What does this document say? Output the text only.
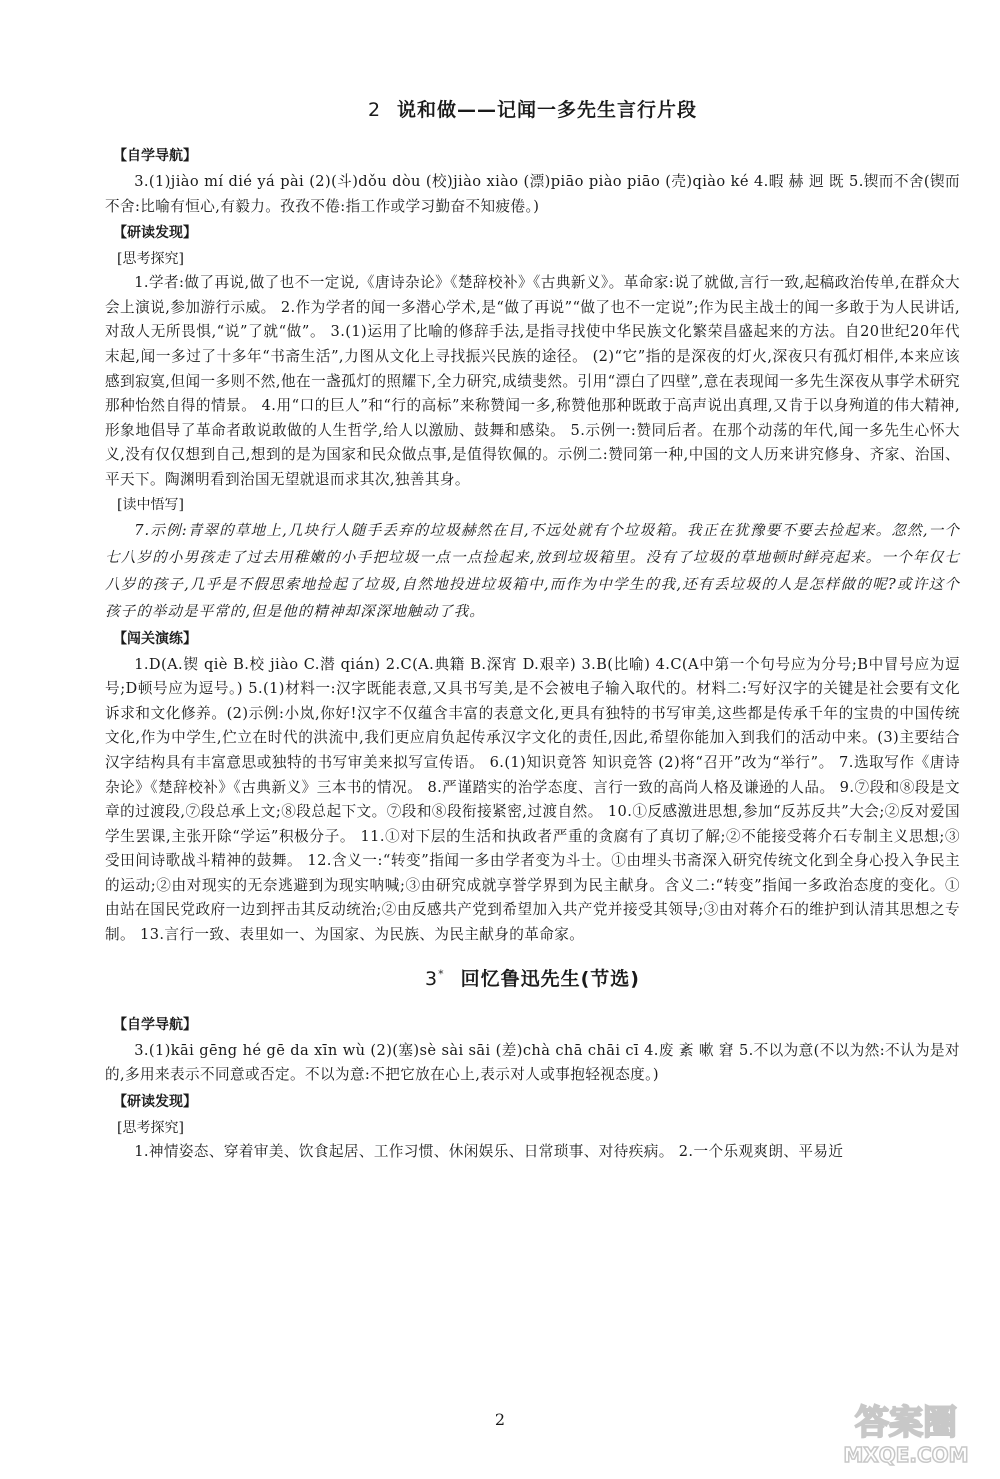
2 说和做——记闻一多先生言行片段
【自学导航】

3.(1)jiào mí dié yá pài (2)(斗)dǒu dòu (校)jiào xiào (漂)piāo piào piāo (壳)qiào ké 4.暇 赫 迥 既 5.锲而不舍(锲而不舍:比喻有恒心,有毅力。孜孜不倦:指工作或学习勤奋不知疲倦。)

【研读发现】
[思考探究]

1.学者:做了再说,做了也不一定说,《唐诗杂论》《楚辞校补》《古典新义》。革命家:说了就做,言行一致,起稿政治传单,在群众大会上演说,参加游行示威。 2.作为学者的闻一多潜心学术,是“做了再说”“做了也不一定说”;作为民主战士的闻一多敢于为人民讲话,对敌人无所畏惧,“说”了就“做”。 3.(1)运用了比喻的修辞手法,是指寻找使中华民族文化繁荣昌盛起来的方法。自20世纪20年代末起,闻一多过了十多年“书斋生活”,力图从文化上寻找振兴民族的途径。 (2)“它”指的是深夜的灯火,深夜只有孤灯相伴,本来应该感到寂寞,但闻一多则不然,他在一盏孤灯的照耀下,全力研究,成绩斐然。引用“漂白了四壁”,意在表现闻一多先生深夜从事学术研究那种怡然自得的情景。 4.用“口的巨人”和“行的高标”来称赞闻一多,称赞他那种既敢于高声说出真理,又肯于以身殉道的伟大精神,形象地倡导了革命者敢说敢做的人生哲学,给人以激励、鼓舞和感染。 5.示例一:赞同后者。在那个动荡的年代,闻一多先生心怀大义,没有仅仅想到自己,想到的是为国家和民众做点事,是值得钦佩的。示例二:赞同第一种,中国的文人历来讲究修身、齐家、治国、平天下。陶渊明看到治国无望就退而求其次,独善其身。

[读中悟写]

7.示例:青翠的草地上,几块行人随手丢弃的垃圾赫然在目,不远处就有个垃圾箱。我正在犹豫要不要去捡起来。忽然,一个七八岁的小男孩走了过去用稚嫩的小手把垃圾一点一点捡起来,放到垃圾箱里。没有了垃圾的草地顿时鲜亮起来。一个年仅七八岁的孩子,几乎是不假思索地捡起了垃圾,自然地投进垃圾箱中,而作为中学生的我,还有丢垃圾的人是怎样做的呢?或许这个孩子的举动是平常的,但是他的精神却深深地触动了我。

【闯关演练】

1.D(A.锲 qiè B.校 jiào C.潜 qián) 2.C(A.典籍 B.深宵 D.艰辛) 3.B(比喻) 4.C(A中第一个句号应为分号;B中冒号应为逗号;D顿号应为逗号。) 5.(1)材料一:汉字既能表意,又具书写美,是不会被电子输入取代的。材料二:写好汉字的关键是社会要有文化诉求和文化修养。(2)示例:小岚,你好!汉字不仅蕴含丰富的表意文化,更具有独特的书写审美,这些都是传承千年的宝贵的中国传统文化,作为中学生,伫立在时代的洪流中,我们更应肩负起传承汉字文化的责任,因此,希望你能加入到我们的活动中来。(3)主要结合汉字结构具有丰富意思或独特的书写审美来拟写宣传语。 6.(1)知识竟答 知识竞答 (2)将“召开”改为“举行”。 7.选取写作《唐诗杂论》《楚辞校补》《古典新义》三本书的情况。 8.严谨踏实的治学态度、言行一致的高尚人格及谦逊的人品。 9.⑦段和⑧段是文章的过渡段,⑦段总承上文;⑧段总起下文。⑦段和⑧段衔接紧密,过渡自然。 10.①反感激进思想,参加“反苏反共”大会;②反对爱国学生罢课,主张开除“学运”积极分子。 11.①对下层的生活和执政者严重的贪腐有了真切了解;②不能接受蒋介石专制主义思想;③受田间诗歌战斗精神的鼓舞。 12.含义一:“转变”指闻一多由学者变为斗士。①由埋头书斋深入研究传统文化到全身心投入争民主的运动;②由对现实的无奈逃避到为现实呐喊;③由研究成就享誉学界到为民主献身。含义二:“转变”指闻一多政治态度的变化。①由站在国民党政府一边到抨击其反动统治;②由反感共产党到希望加入共产党并接受其领导;③由对蒋介石的维护到认清其思想之专制。 13.言行一致、表里如一、为国家、为民族、为民主献身的革命家。

3* 回忆鲁迅先生(节选)
【自学导航】

3.(1)kāi gēng hé gē da xīn wù (2)(塞)sè sài sāi (差)chà chā chāi cī 4.废 紊 嗽 窘 5.不以为意(不以为然:不认为是对的,多用来表示不同意或否定。不以为意:不把它放在心上,表示对人或事抱轻视态度。)

【研读发现】
[思考探究]

1.神情姿态、穿着审美、饮食起居、工作习惯、休闲娱乐、日常琐事、对待疾病。 2.一个乐观爽朗、平易近

2	答案圈
MXQE.COM
